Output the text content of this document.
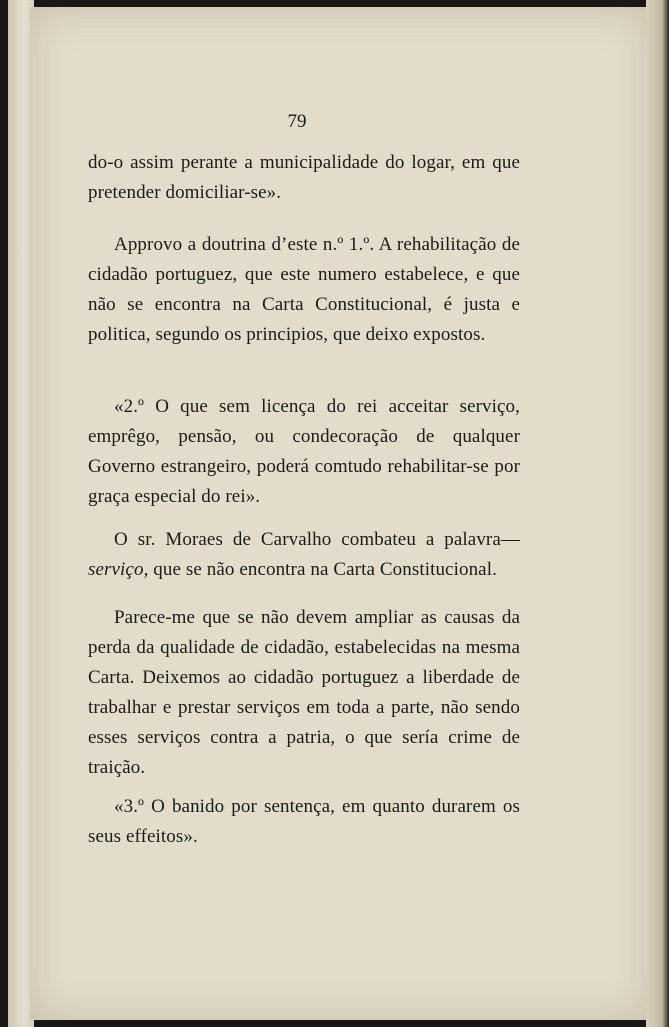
79

do-o assim perante a municipalidade do logar, em que pretender domiciliar-se».

Approvo a doutrina d’este n.º 1.º. A rehabilitação de cidadão portuguez, que este numero estabelece, e que não se encontra na Carta Constitucional, é justa e politica, segundo os principios, que deixo expostos.

«2.º O que sem licença do rei acceitar serviço, emprêgo, pensão, ou condecoração de qualquer Governo estrangeiro, poderá comtudo rehabilitar-se por graça especial do rei».

O sr. Moraes de Carvalho combateu a palavra—serviço, que se não encontra na Carta Constitucional.

Parece-me que se não devem ampliar as causas da perda da qualidade de cidadão, estabelecidas na mesma Carta. Deixemos ao cidadão portuguez a liberdade de trabalhar e prestar serviços em toda a parte, não sendo esses serviços contra a patria, o que sería crime de traição.

«3.º O banido por sentença, em quanto durarem os seus effeitos».
